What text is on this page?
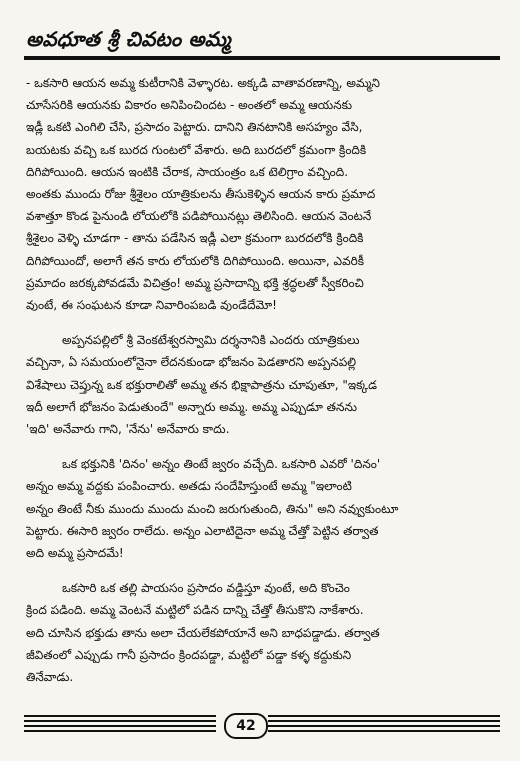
అవధూత శ్రీ చివటం అమ్మ

- ఒకసారి ఆయన అమ్మ కుటీరానికి వెళ్ళారట. అక్కడి వాతావరణాన్ని, అమ్మని

చూసేసరికి ఆయనకు వికారం అనిపించిందట - అంతలో అమ్మ ఆయనకు

ఇడ్లీ ఒకటి ఎంగిలి చేసి, ప్రసాదం పెట్టారు. దానిని తినటానికి అసహ్యం వేసి,

బయటకు వచ్చి ఒక బురద గుంటలో వేశారు. అది బురదలో క్రమంగా క్రిందికి

దిగిపోయింది. ఆయన ఇంటికి చేరాక, సాయంత్రం ఒక టెలిగ్రాం వచ్చింది.

అంతకు ముందు రోజు శ్రీశైలం యాత్రికులను తీసుకెళ్ళిన ఆయన కారు ప్రమాద

వశాత్తూ కొండ పైనుండి లోయలోకి పడిపోయినట్లు తెలిసింది. ఆయన వెంటనే

శ్రీశైలం వెళ్ళి చూడగా - తాను పడేసిన ఇడ్లీ ఎలా క్రమంగా బురదలోకి క్రిందికి

దిగిపోయిందో, అలాగే తన కారు లోయలోకి దిగిపోయింది. అయినా, ఎవరికీ

ప్రమాదం జరక్కపోవడమే విచిత్రం! అమ్మ ప్రసాదాన్ని భక్తి శ్రద్ధలతో స్వీకరించి

వుంటే, ఈ సంఘటన కూడా నివారింపబడి వుండేదేమో!

అప్పనపల్లిలో శ్రీ వెంకటేశ్వరస్వామి దర్శనానికి ఎందరు యాత్రికులు

వచ్చినా, ఏ సమయంలోనైనా లేదనకుండా భోజనం పెడతారని అప్పనపల్లి

విశేషాలు చెప్తున్న ఒక భక్తురాలితో అమ్మ తన భిక్షాపాత్రను చూపుతూ, "ఇక్కడ

ఇదీ అలాగే భోజనం పెడుతుందే" అన్నారు అమ్మ. అమ్మ ఎప్పుడూ తనను

'ఇది' అనేవారు గాని, 'నేను' అనేవారు కాదు.

ఒక భక్తునికి 'దినం' అన్నం తింటే జ్వరం వచ్చేది. ఒకసారి ఎవరో 'దినం'

అన్నం అమ్మ వద్దకు పంపించారు. అతడు సందేహిస్తుంటే అమ్మ "ఇలాంటి

అన్నం తింటే నీకు ముందు ముందు మంచి జరుగుతుంది, తిను" అని నవ్వుకుంటూ

పెట్టారు. ఈసారి జ్వరం రాలేదు. అన్నం ఎలాటిదైనా అమ్మ చేత్తో పెట్టిన తర్వాత

అది అమ్మ ప్రసాదమే!

ఒకసారి ఒక తల్లి పాయసం ప్రసాదం వడ్డిస్తూ వుంటే, అది కొంచెం

క్రింద పడింది. అమ్మ వెంటనే మట్టిలో పడిన దాన్ని చేత్తో తీసుకొని నాకేశారు.

అది చూసిన భక్తుడు తాను అలా చేయలేకపోయానే అని బాధపడ్డాడు. తర్వాత

జీవితంలో ఎప్పుడు గానీ ప్రసాదం క్రిందపడ్డా, మట్టిలో పడ్డా కళ్ళ కద్దుకుని

తినేవాడు.

42
